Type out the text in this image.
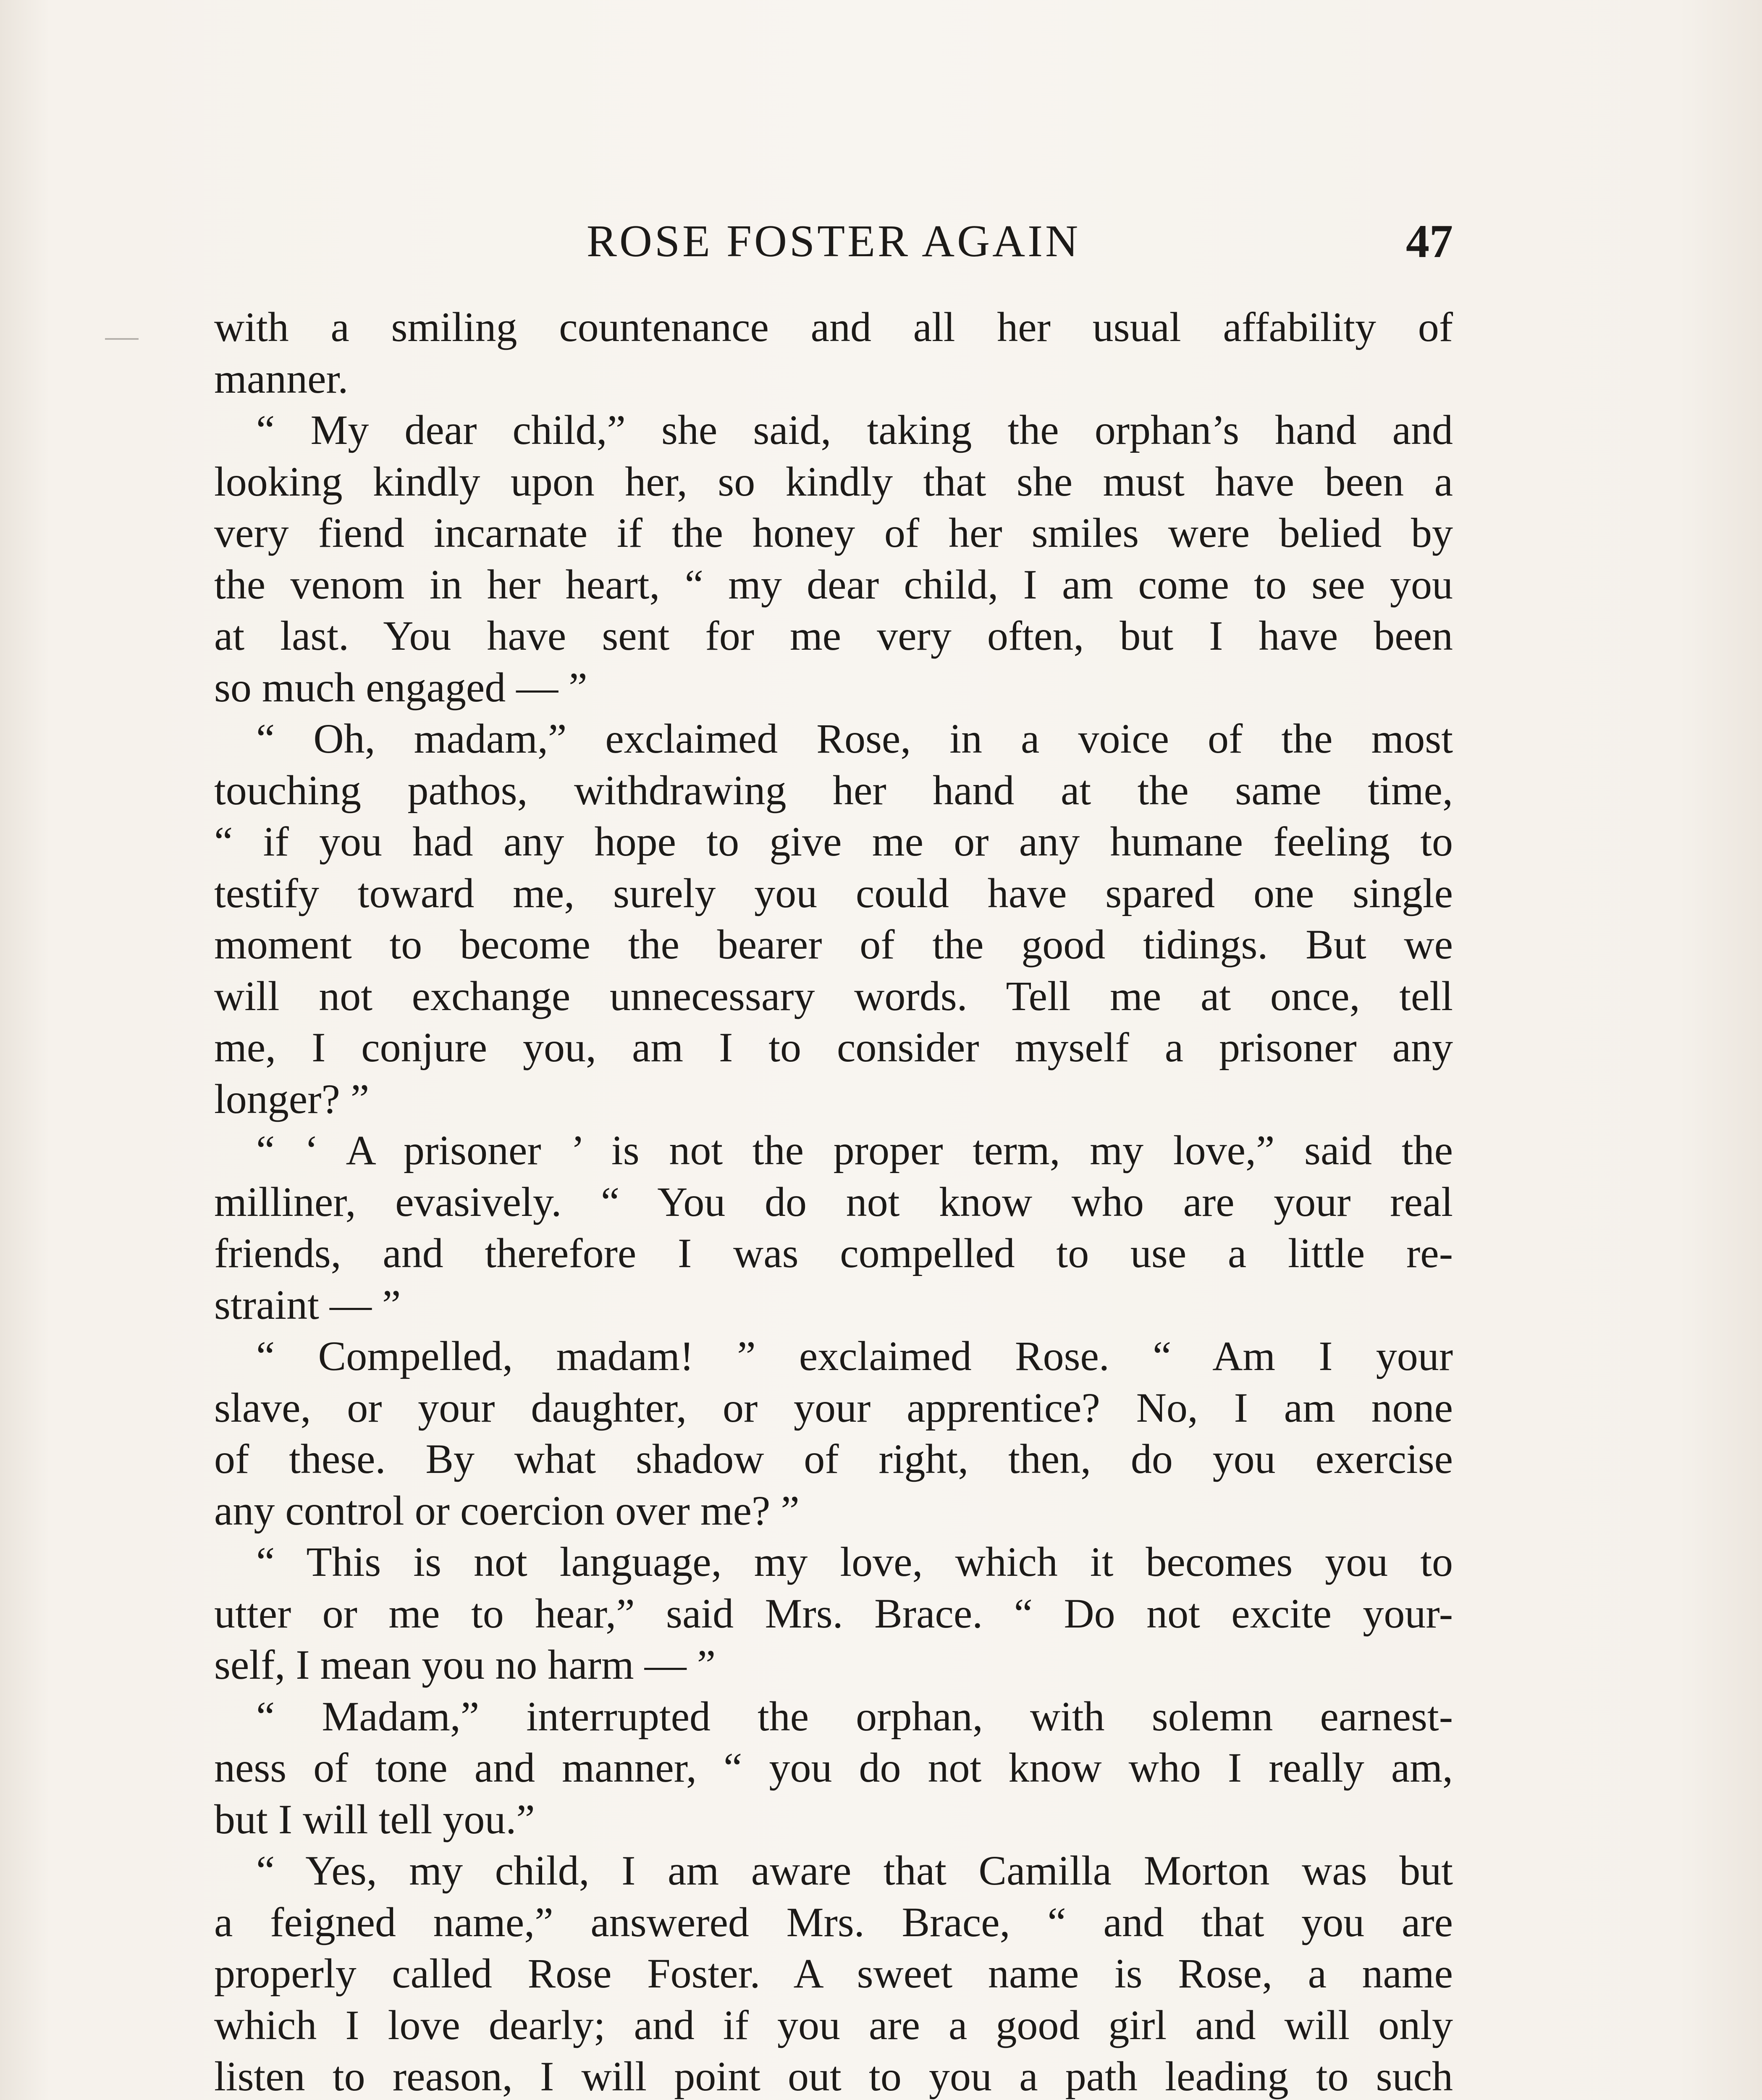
ROSE FOSTER AGAIN	47
with a smiling countenance and all her usual affability of
manner.
“ My dear child,” she said, taking the orphan’s hand and
looking kindly upon her, so kindly that she must have been a
very fiend incarnate if the honey of her smiles were belied by
the venom in her heart, “ my dear child, I am come to see you
at last. You have sent for me very often, but I have been
so much engaged — ”
“ Oh, madam,” exclaimed Rose, in a voice of the most
touching pathos, withdrawing her hand at the same time,
“ if you had any hope to give me or any humane feeling to
testify toward me, surely you could have spared one single
moment to become the bearer of the good tidings. But we
will not exchange unnecessary words. Tell me at once, tell
me, I conjure you, am I to consider myself a prisoner any
longer? ”
“ ‘ A prisoner ’ is not the proper term, my love,” said the
milliner, evasively. “ You do not know who are your real
friends, and therefore I was compelled to use a little re-
straint — ”
“ Compelled, madam! ” exclaimed Rose. “ Am I your
slave, or your daughter, or your apprentice? No, I am none
of these. By what shadow of right, then, do you exercise
any control or coercion over me? ”
“ This is not language, my love, which it becomes you to
utter or me to hear,” said Mrs. Brace. “ Do not excite your-
self, I mean you no harm — ”
“ Madam,” interrupted the orphan, with solemn earnest-
ness of tone and manner, “ you do not know who I really am,
but I will tell you.”
“ Yes, my child, I am aware that Camilla Morton was but
a feigned name,” answered Mrs. Brace, “ and that you are
properly called Rose Foster. A sweet name is Rose, a name
which I love dearly; and if you are a good girl and will only
listen to reason, I will point out to you a path leading to such
